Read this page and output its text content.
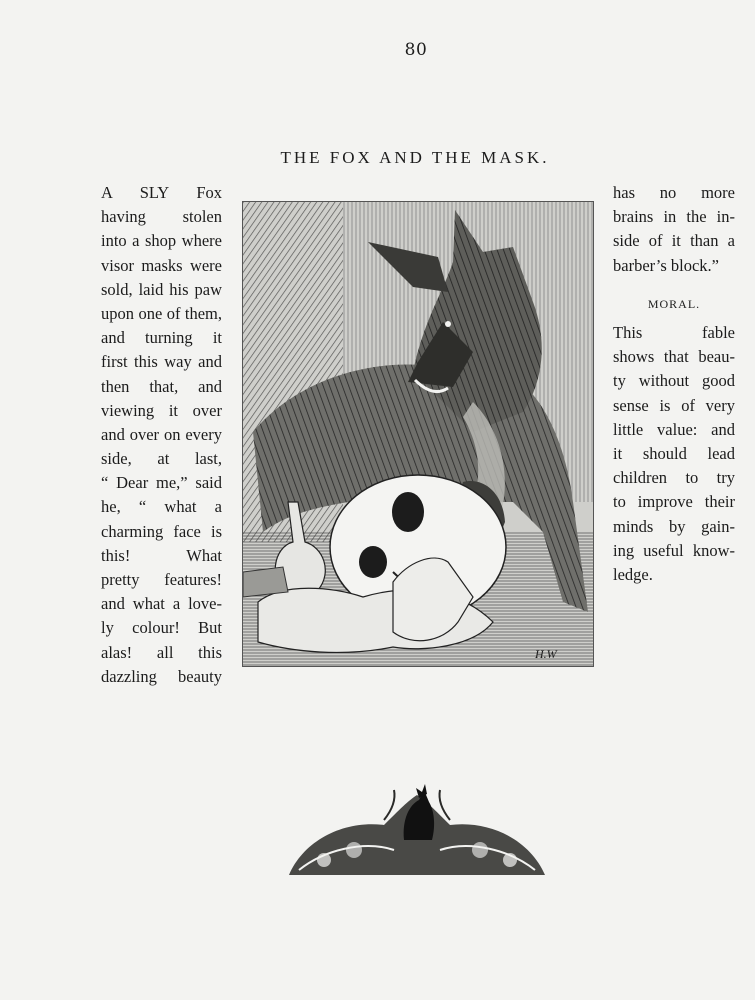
80
THE FOX AND THE MASK.
A SLY Fox
having stolen
into a shop where
visor masks were
sold, laid his paw
upon one of them,
and turning it
first this way and
then that, and
viewing it over
and over on every
side, at last,
“ Dear me,” said
he, “ what a
charming face is
this! What
pretty features!
and what a love-
ly colour! But
alas! all this
dazzling beauty
H.W
has no more
brains in the in-
side of it than a
barber’s block.”
MORAL.
This fable
shows that beau-
ty without good
sense is of very
little value: and
it should lead
children to try
to improve their
minds by gain-
ing useful know-
ledge.
